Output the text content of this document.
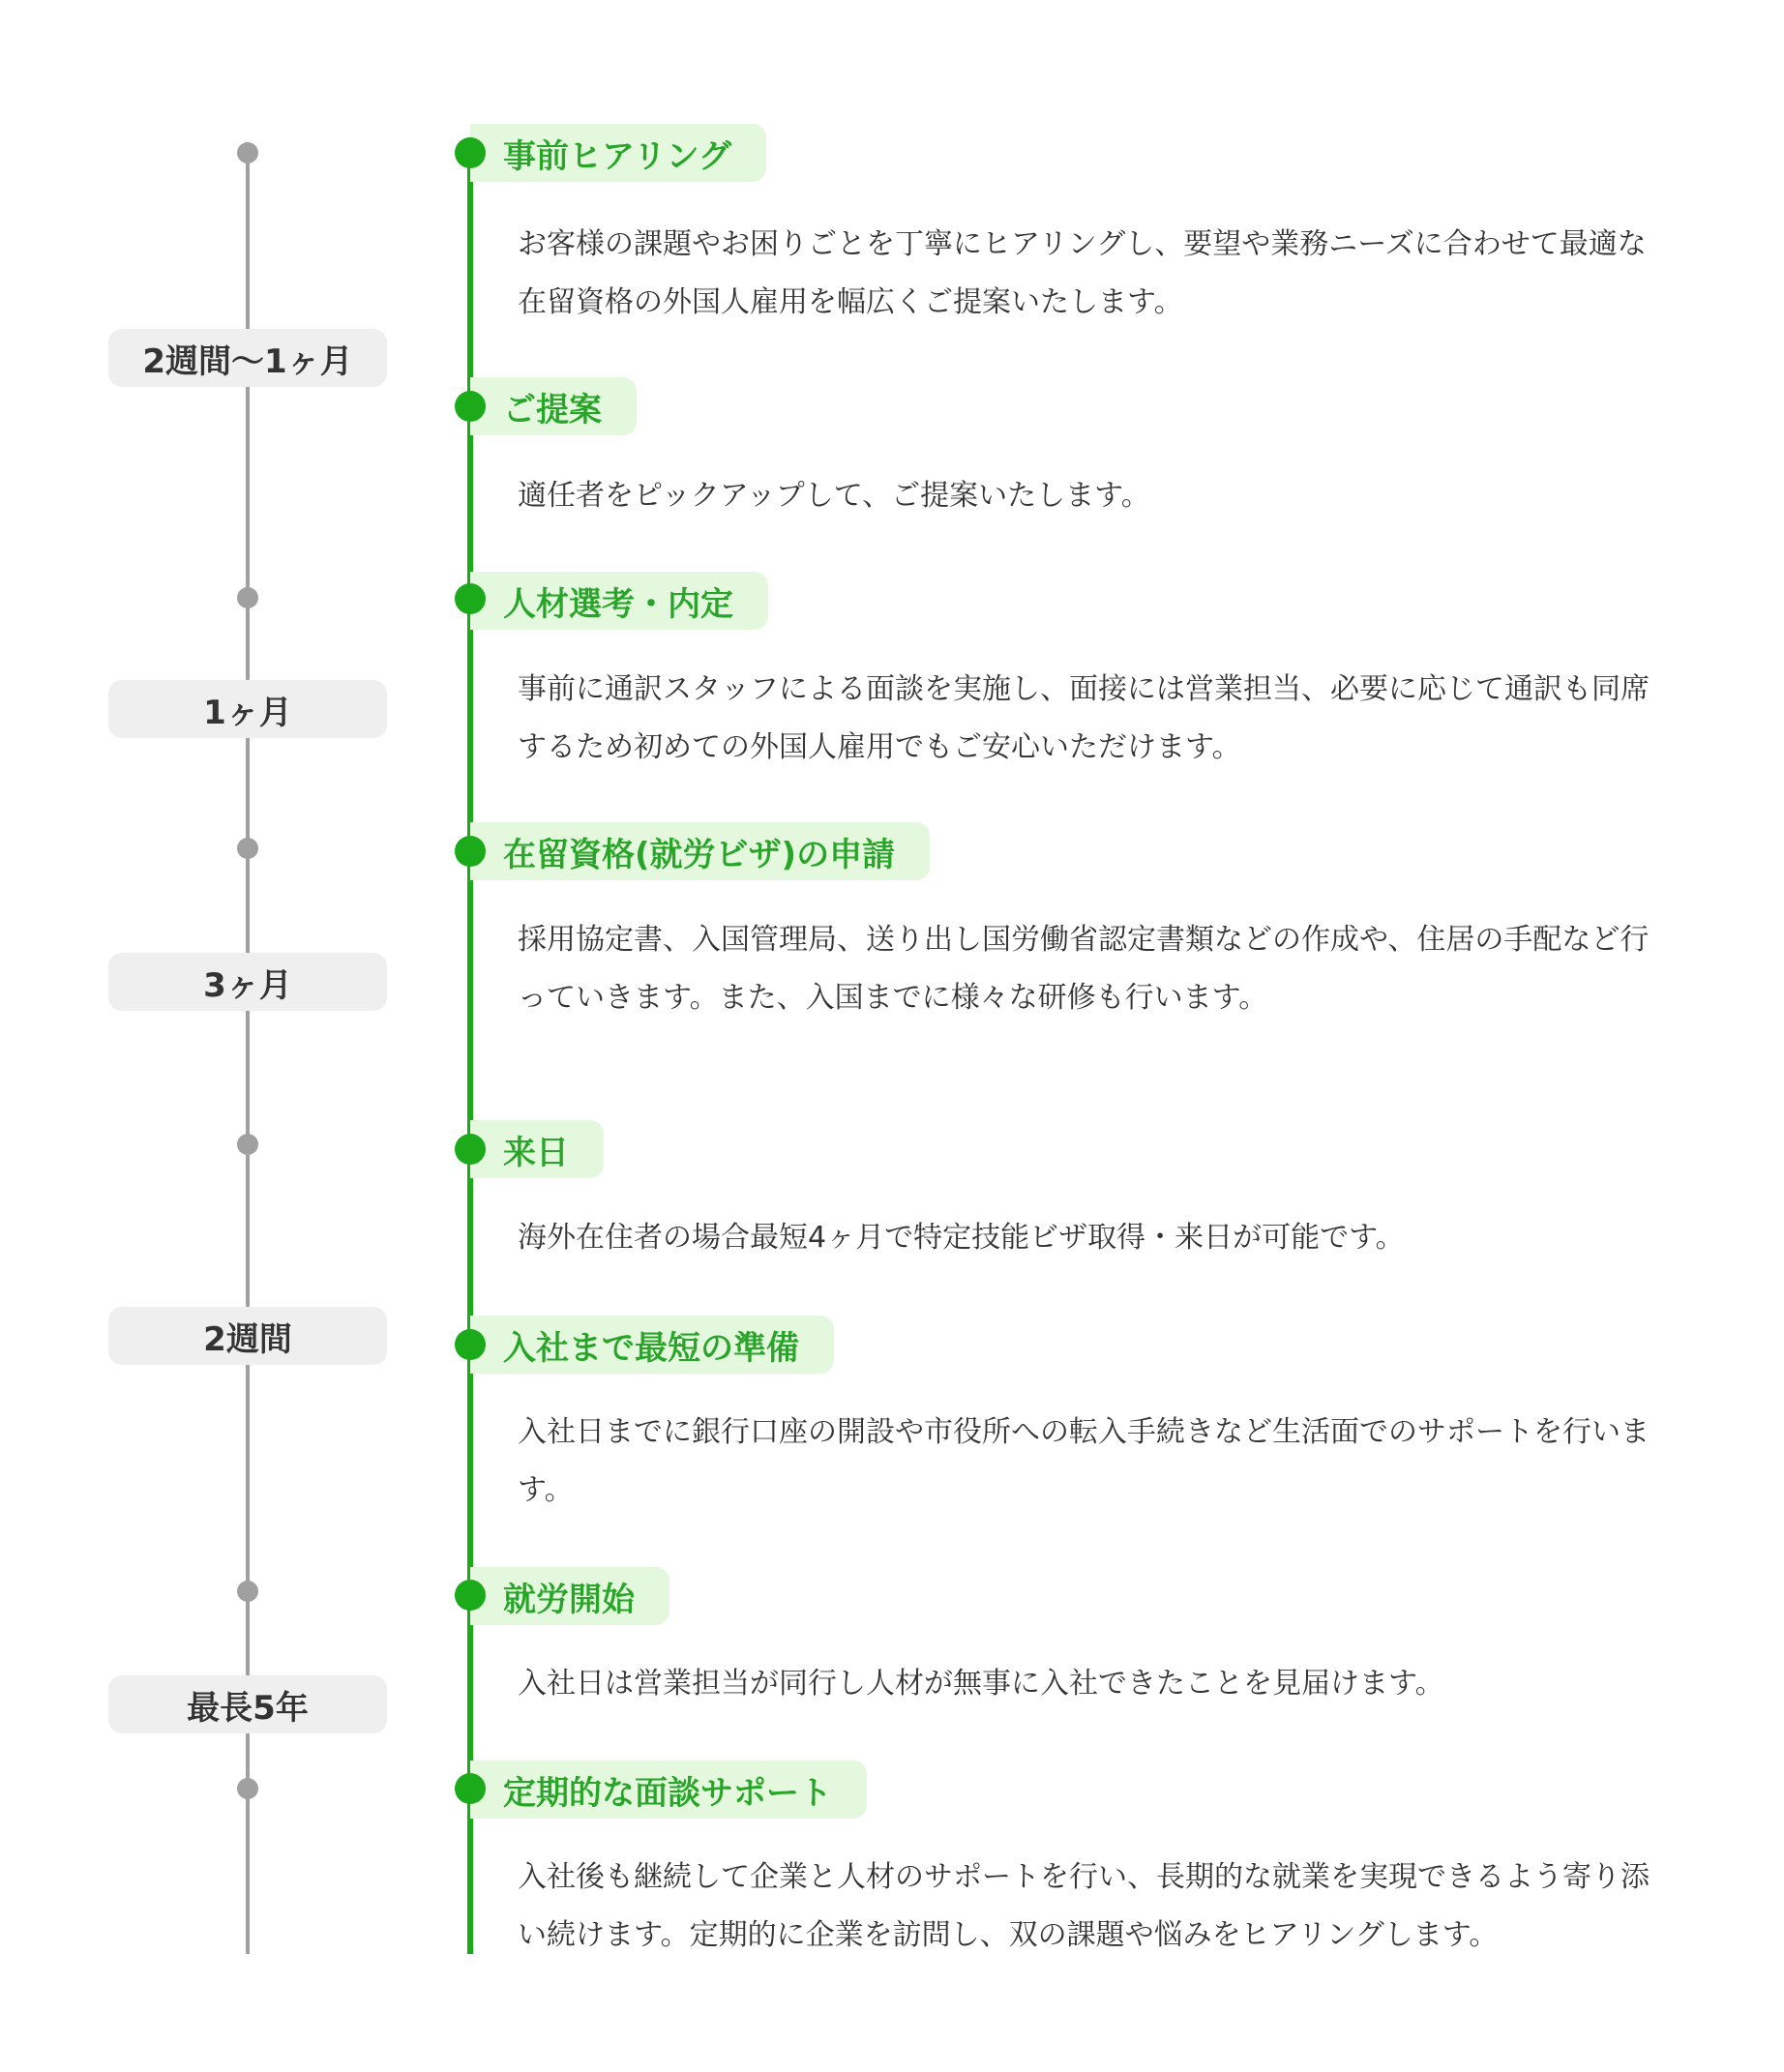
2週間〜1ヶ月
1ヶ月
3ヶ月
2週間
最長5年
事前ヒアリング
お客様の課題やお困りごとを丁寧にヒアリングし、要望や業務ニーズに合わせて最適な在留資格の外国人雇用を幅広くご提案いたします。
ご提案
適任者をピックアップして、ご提案いたします。
人材選考・内定
事前に通訳スタッフによる面談を実施し、面接には営業担当、必要に応じて通訳も同席するため初めての外国人雇用でもご安心いただけます。
在留資格(就労ビザ)の申請
採用協定書、入国管理局、送り出し国労働省認定書類などの作成や、住居の手配など行っていきます。また、入国までに様々な研修も行います。
来日
海外在住者の場合最短4ヶ月で特定技能ビザ取得・来日が可能です。
入社まで最短の準備
入社日までに銀行口座の開設や市役所への転入手続きなど生活面でのサポートを行います。
就労開始
入社日は営業担当が同行し人材が無事に入社できたことを見届けます。
定期的な面談サポート
入社後も継続して企業と人材のサポートを行い、長期的な就業を実現できるよう寄り添い続けます。定期的に企業を訪問し、双の課題や悩みをヒアリングします。
